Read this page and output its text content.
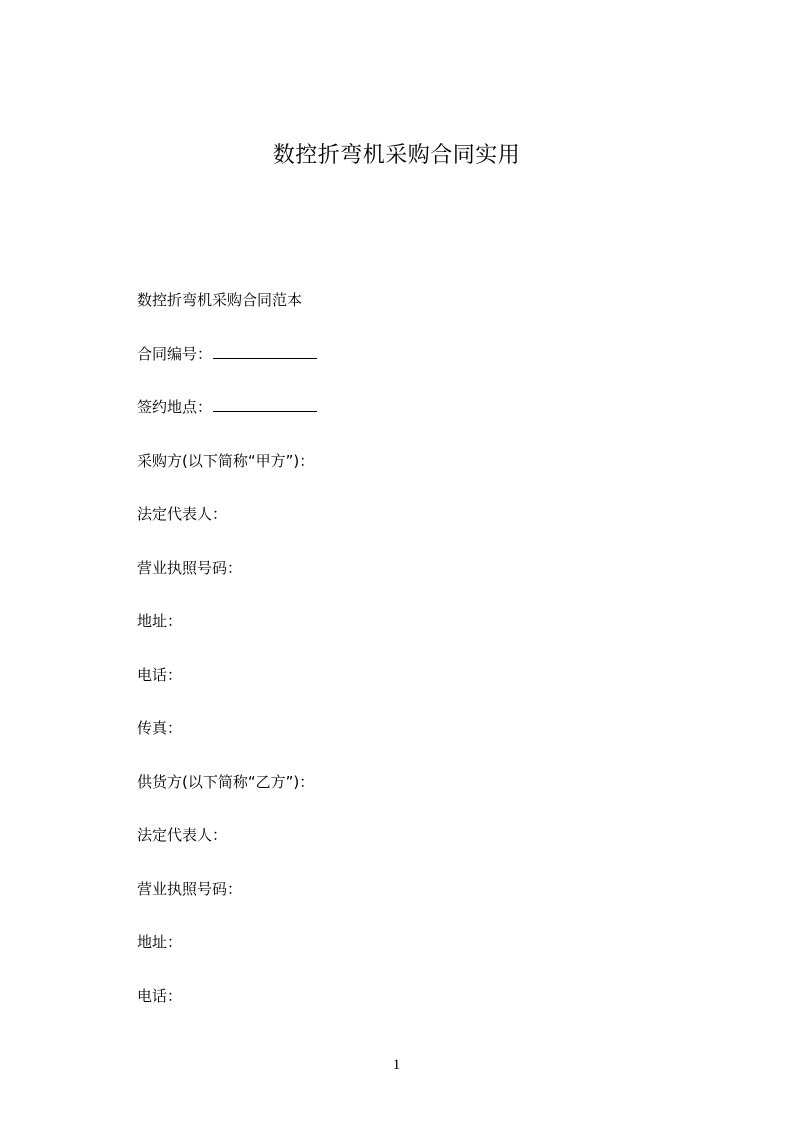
数控折弯机采购合同实用
数控折弯机采购合同范本
合同编号：
签约地点：
采购方(以下简称“甲方”)：
法定代表人：
营业执照号码：
地址：
电话：
传真：
供货方(以下简称“乙方”)：
法定代表人：
营业执照号码：
地址：
电话：
1
